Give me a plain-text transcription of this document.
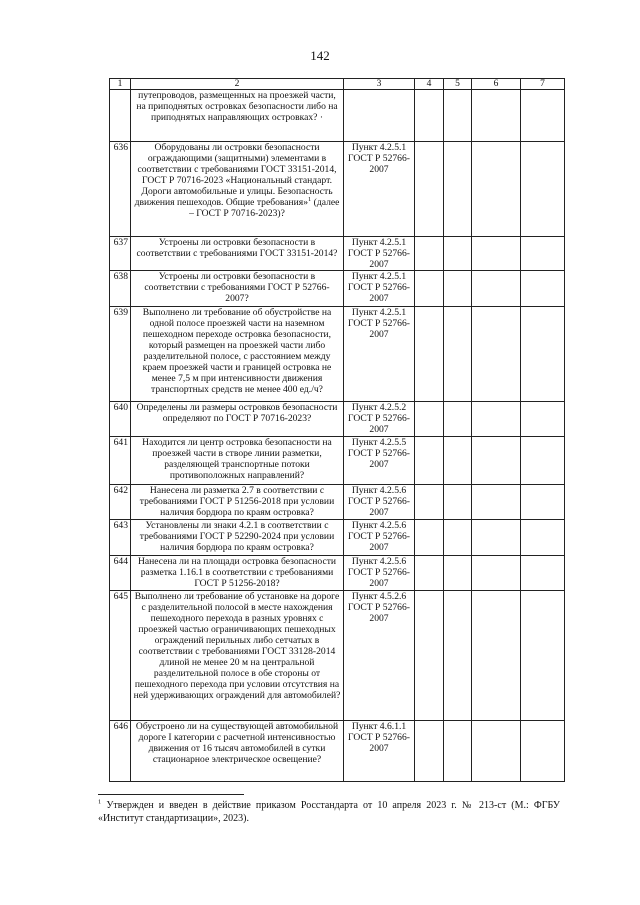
142
1	2	3	4	5	6	7
	путепроводов, размещенных на проезжей части, на приподнятых островках безопасности либо на приподнятых направляющих островках? ·					
636	Оборудованы ли островки безопасности ограждающими (защитными) элементами в соответствии с требованиями ГОСТ 33151-2014, ГОСТ Р 70716-2023 «Национальный стандарт. Дороги автомобильные и улицы. Безопасность движения пешеходов. Общие требования»$^1$ (далее – ГОСТ Р 70716-2023)?	Пункт 4.2.5.1 ГОСТ Р 52766-2007				
637	Устроены ли островки безопасности в соответствии с требованиями ГОСТ 33151-2014?	Пункт 4.2.5.1 ГОСТ Р 52766-2007				
638	Устроены ли островки безопасности в соответствии с требованиями ГОСТ Р 52766-2007?	Пункт 4.2.5.1 ГОСТ Р 52766-2007				
639	Выполнено ли требование об обустройстве на одной полосе проезжей части на наземном пешеходном переходе островка безопасности, который размещен на проезжей части либо разделительной полосе, с расстоянием между краем проезжей части и границей островка не менее 7,5 м при интенсивности движения транспортных средств не менее 400 ед./ч?	Пункт 4.2.5.1 ГОСТ Р 52766-2007				
640	Определены ли размеры островков безопасности определяют по ГОСТ Р 70716-2023?	Пункт 4.2.5.2 ГОСТ Р 52766-2007				
641	Находится ли центр островка безопасности на проезжей части в створе линии разметки, разделяющей транспортные потоки противоположных направлений?	Пункт 4.2.5.5 ГОСТ Р 52766-2007				
642	Нанесена ли разметка 2.7 в соответствии с требованиями ГОСТ Р 51256-2018 при условии наличия бордюра по краям островка?	Пункт 4.2.5.6 ГОСТ Р 52766-2007				
643	Установлены ли знаки 4.2.1 в соответствии с требованиями ГОСТ Р 52290-2024 при условии наличия бордюра по краям островка?	Пункт 4.2.5.6 ГОСТ Р 52766-2007				
644	Нанесена ли на площади островка безопасности разметка 1.16.1 в соответствии с требованиями ГОСТ Р 51256-2018?	Пункт 4.2.5.6 ГОСТ Р 52766-2007				
645	Выполнено ли требование об установке на дороге с разделительной полосой в месте нахождения пешеходного перехода в разных уровнях с проезжей частью ограничивающих пешеходных ограждений перильных либо сетчатых в соответствии с требованиями ГОСТ 33128-2014 длиной не менее 20 м на центральной разделительной полосе в обе стороны от пешеходного перехода при условии отсутствия на ней удерживающих ограждений для автомобилей?	Пункт 4.5.2.6 ГОСТ Р 52766-2007				
646	Обустроено ли на существующей автомобильной дороге I категории с расчетной интенсивностью движения от 16 тысяч автомобилей в сутки стационарное электрическое освещение?	Пункт 4.6.1.1 ГОСТ Р 52766-2007				
$^1$ Утвержден и введен в действие приказом Росстандарта от 10 апреля 2023 г. № 213-ст (М.: ФГБУ «Институт стандартизации», 2023).
